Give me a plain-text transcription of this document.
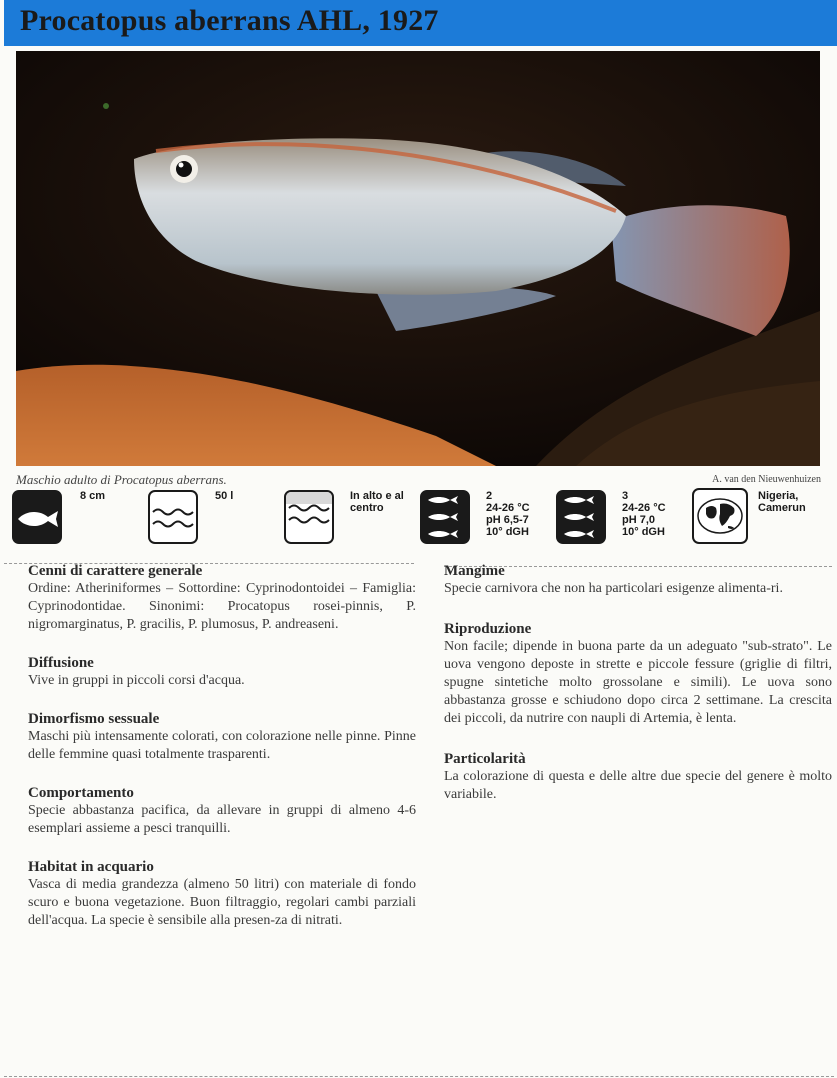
Procatopus aberrans AHL, 1927
Maschio adulto di Procatopus aberrans.	A. van den Nieuwenhuizen
8 cm	50 l	In alto e al centro
2
24-26 °C
pH 6,5-7
10° dGH
3
24-26 °C
pH 7,0
10° dGH
Nigeria,
Camerun
Cenni di carattere generale

Ordine: Atheriniformes – Sottordine: Cyprinodontoidei – Famiglia: Cyprinodontidae. Sinonimi: Procatopus rosei-pinnis, P. nigromarginatus, P. gracilis, P. plumosus, P. andreaseni.

Diffusione

Vive in gruppi in piccoli corsi d'acqua.

Dimorfismo sessuale

Maschi più intensamente colorati, con colorazione nelle pinne. Pinne delle femmine quasi totalmente trasparenti.

Comportamento

Specie abbastanza pacifica, da allevare in gruppi di almeno 4-6 esemplari assieme a pesci tranquilli.

Habitat in acquario

Vasca di media grandezza (almeno 50 litri) con materiale di fondo scuro e buona vegetazione. Buon filtraggio, regolari cambi parziali dell'acqua. La specie è sensibile alla presen-za di nitrati.

Mangime

Specie carnivora che non ha particolari esigenze alimenta-ri.

Riproduzione

Non facile; dipende in buona parte da un adeguato "sub-strato". Le uova vengono deposte in strette e piccole fessure (griglie di filtri, spugne sintetiche molto grossolane e simili). Le uova sono abbastanza grosse e schiudono dopo circa 2 settimane. La crescita dei piccoli, da nutrire con naupli di Artemia, è lenta.

Particolarità

La colorazione di questa e delle altre due specie del genere è molto variabile.
